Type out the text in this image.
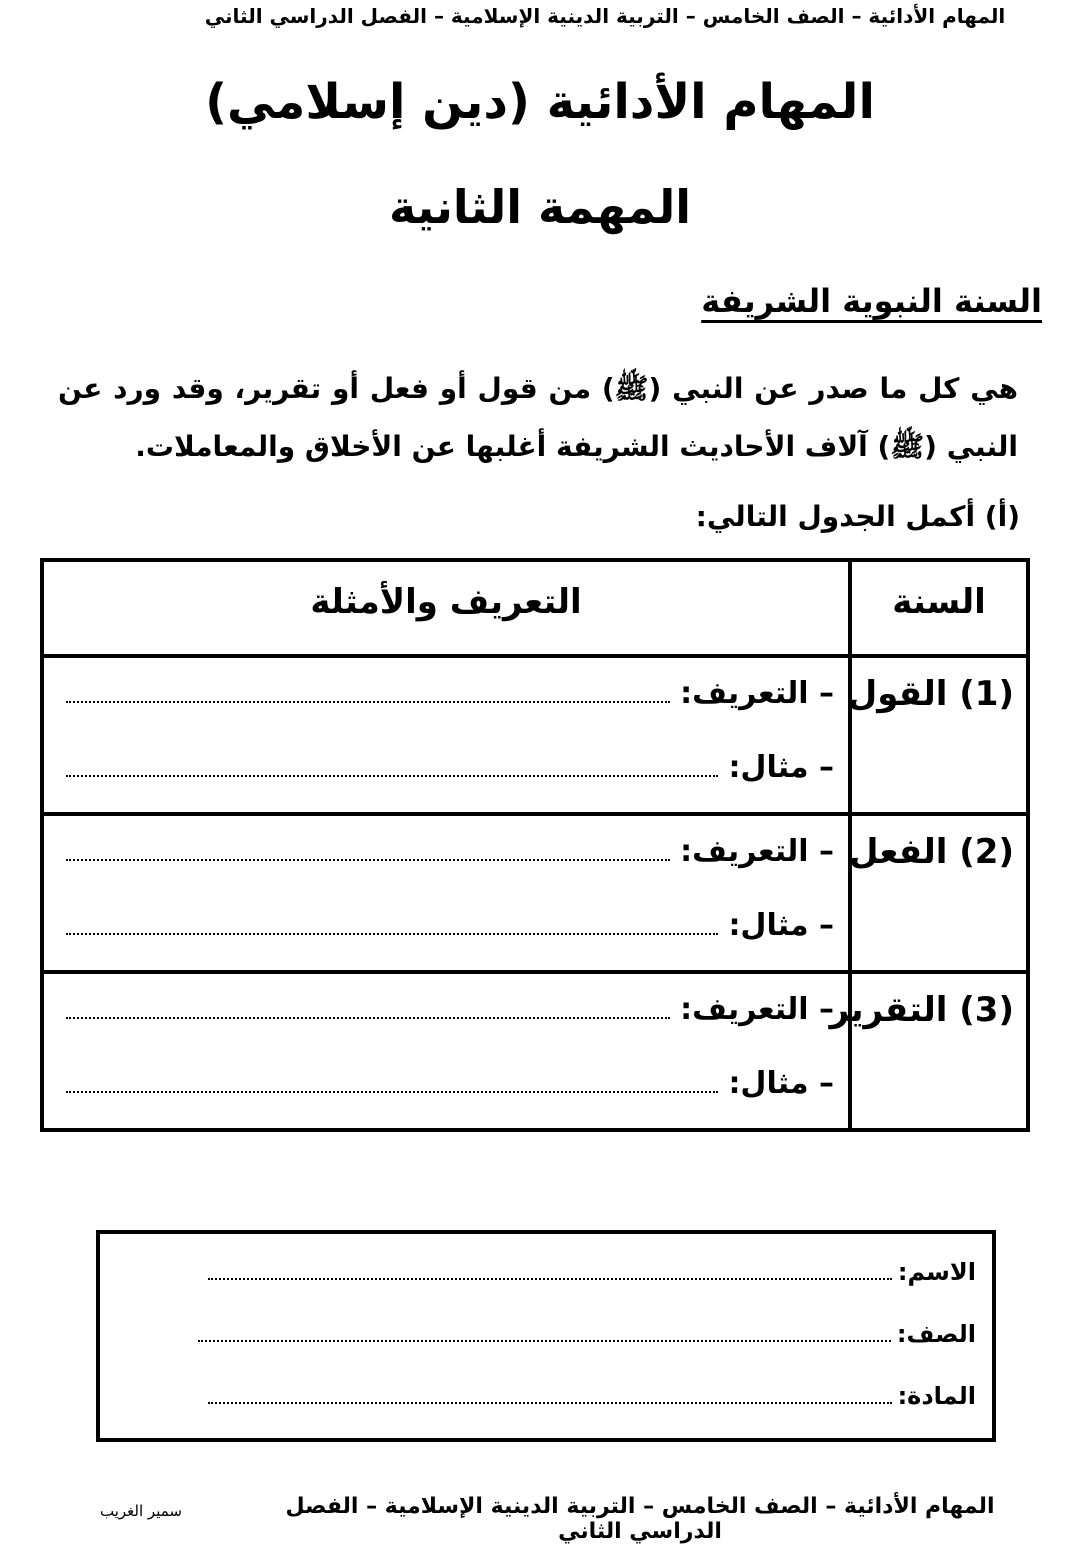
المهام الأدائية – الصف الخامس – التربية الدينية الإسلامية – الفصل الدراسي الثاني
المهام الأدائية (دين إسلامي)
المهمة الثانية
السنة النبوية الشريفة

هي كل ما صدر عن النبي (ﷺ) من قول أو فعل أو تقرير، وقد ورد عن النبي (ﷺ) آلاف الأحاديث الشريفة أغلبها عن الأخلاق والمعاملات.

(أ) أكمل الجدول التالي:
السنة
التعريف والأمثلة
(1) القول
– التعريف:
– مثال:
(2) الفعل
– التعريف:
– مثال:
(3) التقرير
– التعريف:
– مثال:
الاسم:
الصف:
المادة:
المهام الأدائية – الصف الخامس – التربية الدينية الإسلامية – الفصل الدراسي الثاني
سمير الغريب
